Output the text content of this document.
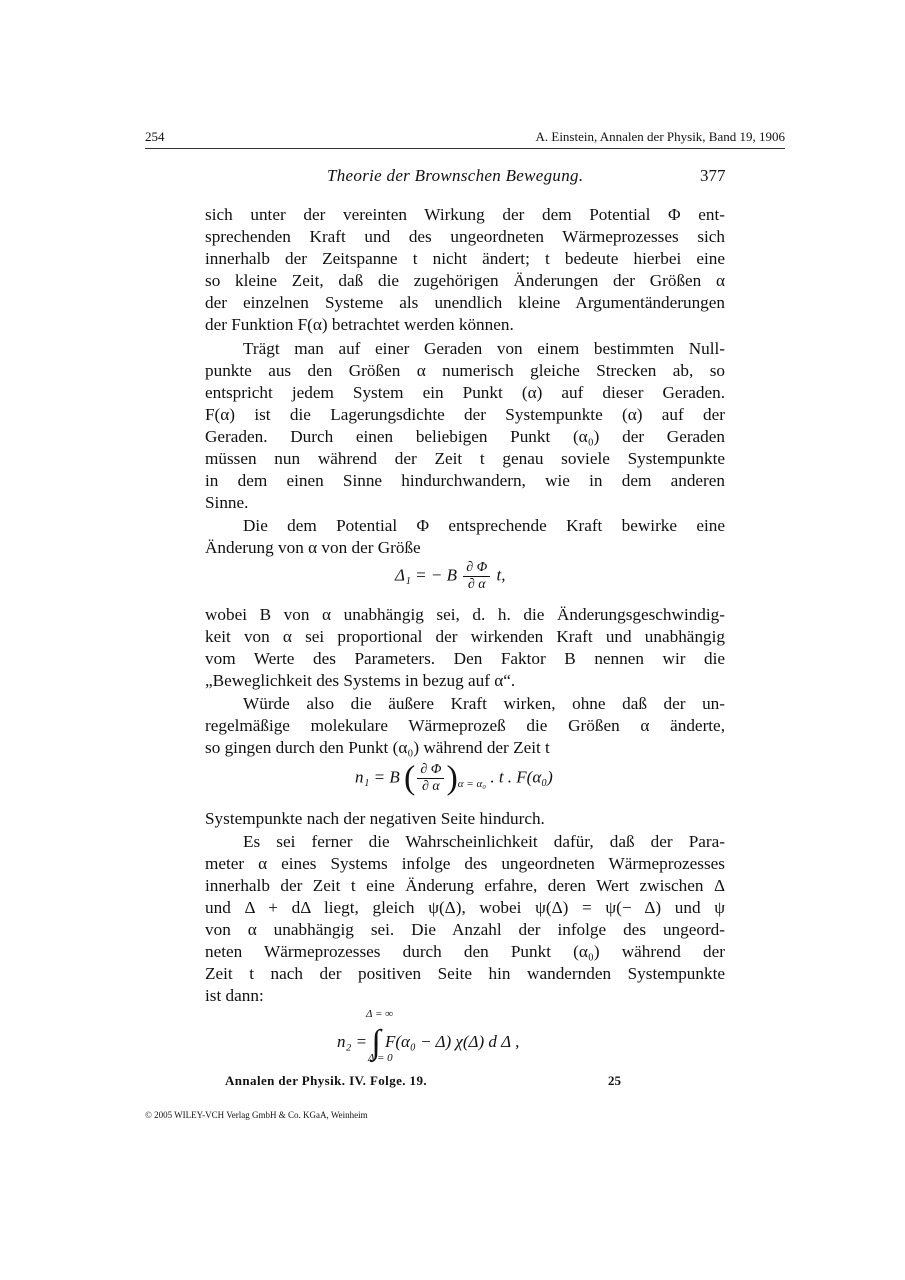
254	A. Einstein, Annalen der Physik, Band 19, 1906
Theorie der Brownschen Bewegung.	377
sich unter der vereinten Wirkung der dem Potential Φ ent-
sprechenden Kraft und des ungeordneten Wärmeprozesses sich
innerhalb der Zeitspanne t nicht ändert; t bedeute hierbei eine
so kleine Zeit, daß die zugehörigen Änderungen der Größen α
der einzelnen Systeme als unendlich kleine Argumentänderungen
der Funktion F(α) betrachtet werden können.
Trägt man auf einer Geraden von einem bestimmten Null-
punkte aus den Größen α numerisch gleiche Strecken ab, so
entspricht jedem System ein Punkt (α) auf dieser Geraden.
F(α) ist die Lagerungsdichte der Systempunkte (α) auf der
Geraden. Durch einen beliebigen Punkt (α₀) der Geraden
müssen nun während der Zeit t genau soviele Systempunkte
in dem einen Sinne hindurchwandern, wie in dem anderen
Sinne.
Die dem Potential Φ entsprechende Kraft bewirke eine
Änderung von α von der Größe
Δ₁ = − B $\frac{\partial \Phi}{\partial \alpha} t$,
wobei B von α unabhängig sei, d. h. die Änderungsgeschwindig-
keit von α sei proportional der wirkenden Kraft und unabhängig
vom Werte des Parameters. Den Faktor B nennen wir die
„Beweglichkeit des Systems in bezug auf α“.
Würde also die äußere Kraft wirken, ohne daß der un-
regelmäßige molekulare Wärmeprozeß die Größen α änderte,
so gingen durch den Punkt (α₀) während der Zeit t
n₁ = B ( $\frac{\partial \Phi}{\partial \alpha} )_{\alpha = \alpha_0}$ . t . F(α₀)
Systempunkte nach der negativen Seite hindurch.
Es sei ferner die Wahrscheinlichkeit dafür, daß der Para-
meter α eines Systems infolge des ungeordneten Wärmeprozesses
innerhalb der Zeit t eine Änderung erfahre, deren Wert zwischen Δ
und Δ + dΔ liegt, gleich ψ(Δ), wobei ψ(Δ) = ψ(− Δ) und ψ
von α unabhängig sei. Die Anzahl der infolge des ungeord-
neten Wärmeprozesses durch den Punkt (α₀) während der
Zeit t nach der positiven Seite hin wandernden Systempunkte
ist dann:
Δ = ∞
n₂ = ∫ F(α₀ − Δ) χ(Δ) d Δ ,
Δ = 0
Annalen der Physik. IV. Folge. 19.	25
© 2005 WILEY-VCH Verlag GmbH & Co. KGaA, Weinheim
